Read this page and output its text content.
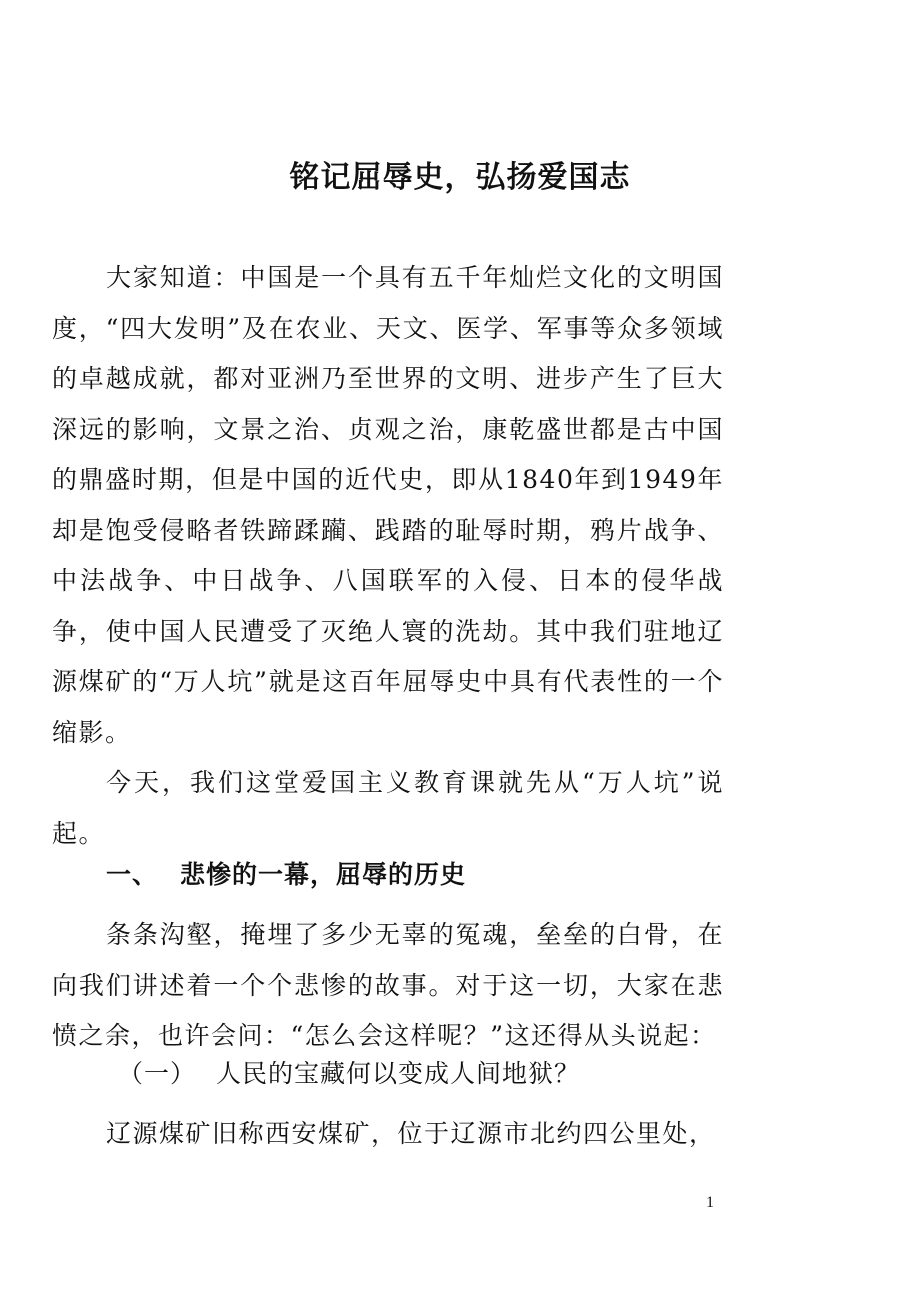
铭记屈辱史，弘扬爱国志
大家知道：中国是一个具有五千年灿烂文化的文明国度，“四大发明”及在农业、天文、医学、军事等众多领域的卓越成就，都对亚洲乃至世界的文明、进步产生了巨大深远的影响，文景之治、贞观之治，康乾盛世都是古中国的鼎盛时期，但是中国的近代史，即从1840年到1949年却是饱受侵略者铁蹄蹂躏、践踏的耻辱时期，鸦片战争、中法战争、中日战争、八国联军的入侵、日本的侵华战争，使中国人民遭受了灭绝人寰的洗劫。其中我们驻地辽源煤矿的“万人坑”就是这百年屈辱史中具有代表性的一个缩影。
今天，我们这堂爱国主义教育课就先从“万人坑”说起。
一、 悲惨的一幕，屈辱的历史
条条沟壑，掩埋了多少无辜的冤魂，垒垒的白骨，在向我们讲述着一个个悲惨的故事。对于这一切，大家在悲愤之余，也许会问：“怎么会这样呢？”这还得从头说起：
（一） 人民的宝藏何以变成人间地狱？
辽源煤矿旧称西安煤矿，位于辽源市北约四公里处，
1
